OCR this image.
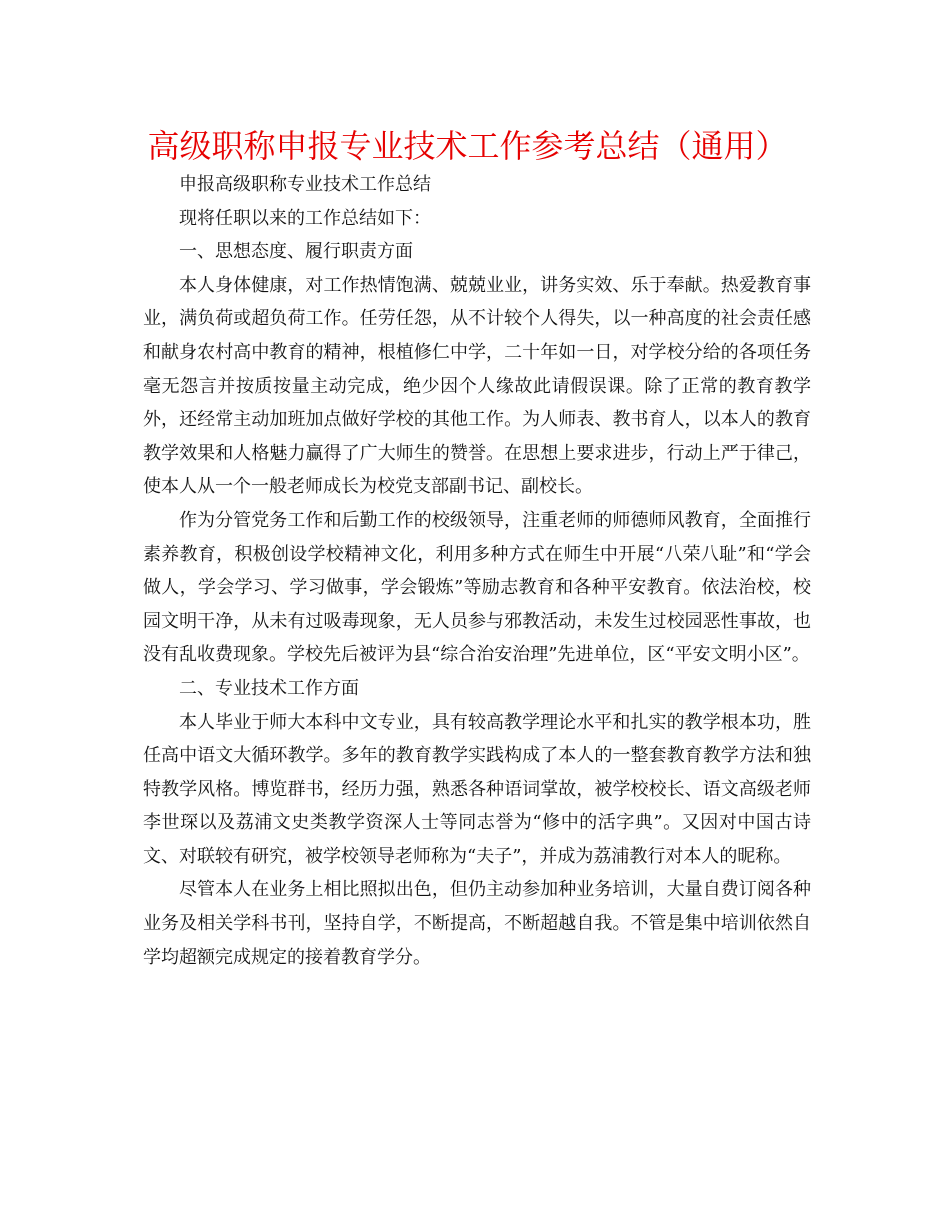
高级职称申报专业技术工作参考总结（通用）

申报高级职称专业技术工作总结

现将任职以来的工作总结如下：

一、思想态度、履行职责方面

本人身体健康，对工作热情饱满、兢兢业业，讲务实效、乐于奉献。热爱教育事业，满负荷或超负荷工作。任劳任怨，从不计较个人得失，以一种高度的社会责任感和献身农村高中教育的精神，根植修仁中学，二十年如一日，对学校分给的各项任务毫无怨言并按质按量主动完成，绝少因个人缘故此请假误课。除了正常的教育教学外，还经常主动加班加点做好学校的其他工作。为人师表、教书育人，以本人的教育教学效果和人格魅力赢得了广大师生的赞誉。在思想上要求进步，行动上严于律己，使本人从一个一般老师成长为校党支部副书记、副校长。

作为分管党务工作和后勤工作的校级领导，注重老师的师德师风教育，全面推行素养教育，积极创设学校精神文化，利用多种方式在师生中开展“八荣八耻”和“学会做人，学会学习、学习做事，学会锻炼”等励志教育和各种平安教育。依法治校，校园文明干净，从未有过吸毒现象，无人员参与邪教活动，未发生过校园恶性事故，也没有乱收费现象。学校先后被评为县“综合治安治理”先进单位，区“平安文明小区”。

二、专业技术工作方面

本人毕业于师大本科中文专业，具有较高教学理论水平和扎实的教学根本功，胜任高中语文大循环教学。多年的教育教学实践构成了本人的一整套教育教学方法和独特教学风格。博览群书，经历力强，熟悉各种语词掌故，被学校校长、语文高级老师李世琛以及荔浦文史类教学资深人士等同志誉为“修中的活字典”。又因对中国古诗文、对联较有研究，被学校领导老师称为“夫子”，并成为荔浦教行对本人的昵称。

尽管本人在业务上相比照拟出色，但仍主动参加种业务培训，大量自费订阅各种业务及相关学科书刊，坚持自学，不断提高，不断超越自我。不管是集中培训依然自学均超额完成规定的接着教育学分。
